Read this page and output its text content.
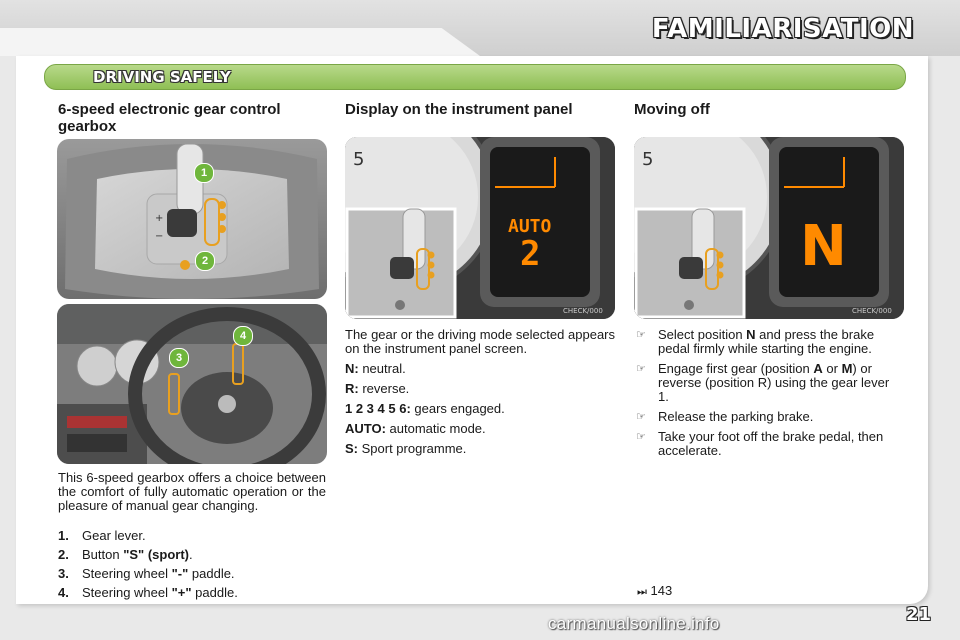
FAMILIARISATION
DRIVING SAFELY
6-speed electronic gear control gearbox
+
−
1
2
3
4

This 6-speed gearbox offers a choice between the comfort of fully automatic operation or the pleasure of manual gear changing.

1. Gear lever.
2. Button "S" (sport).
3. Steering wheel "-" paddle.
4. Steering wheel "+" paddle.
Display on the instrument panel
5
AUTO
2
CHECK/000

The gear or the driving mode selected appears on the instrument panel screen.

N: neutral.

R: reverse.

1 2 3 4 5 6: gears engaged.

AUTO: automatic mode.

S: Sport programme.

Moving off
5
N
CHECK/000
☞ Select position N and press the brake pedal firmly while starting the engine.
☞ Engage first gear (position A or M) or reverse (position R) using the gear lever 1.
☞ Release the parking brake.
☞ Take your foot off the brake pedal, then accelerate.
⏭ 143
21
carmanualsonline.info
